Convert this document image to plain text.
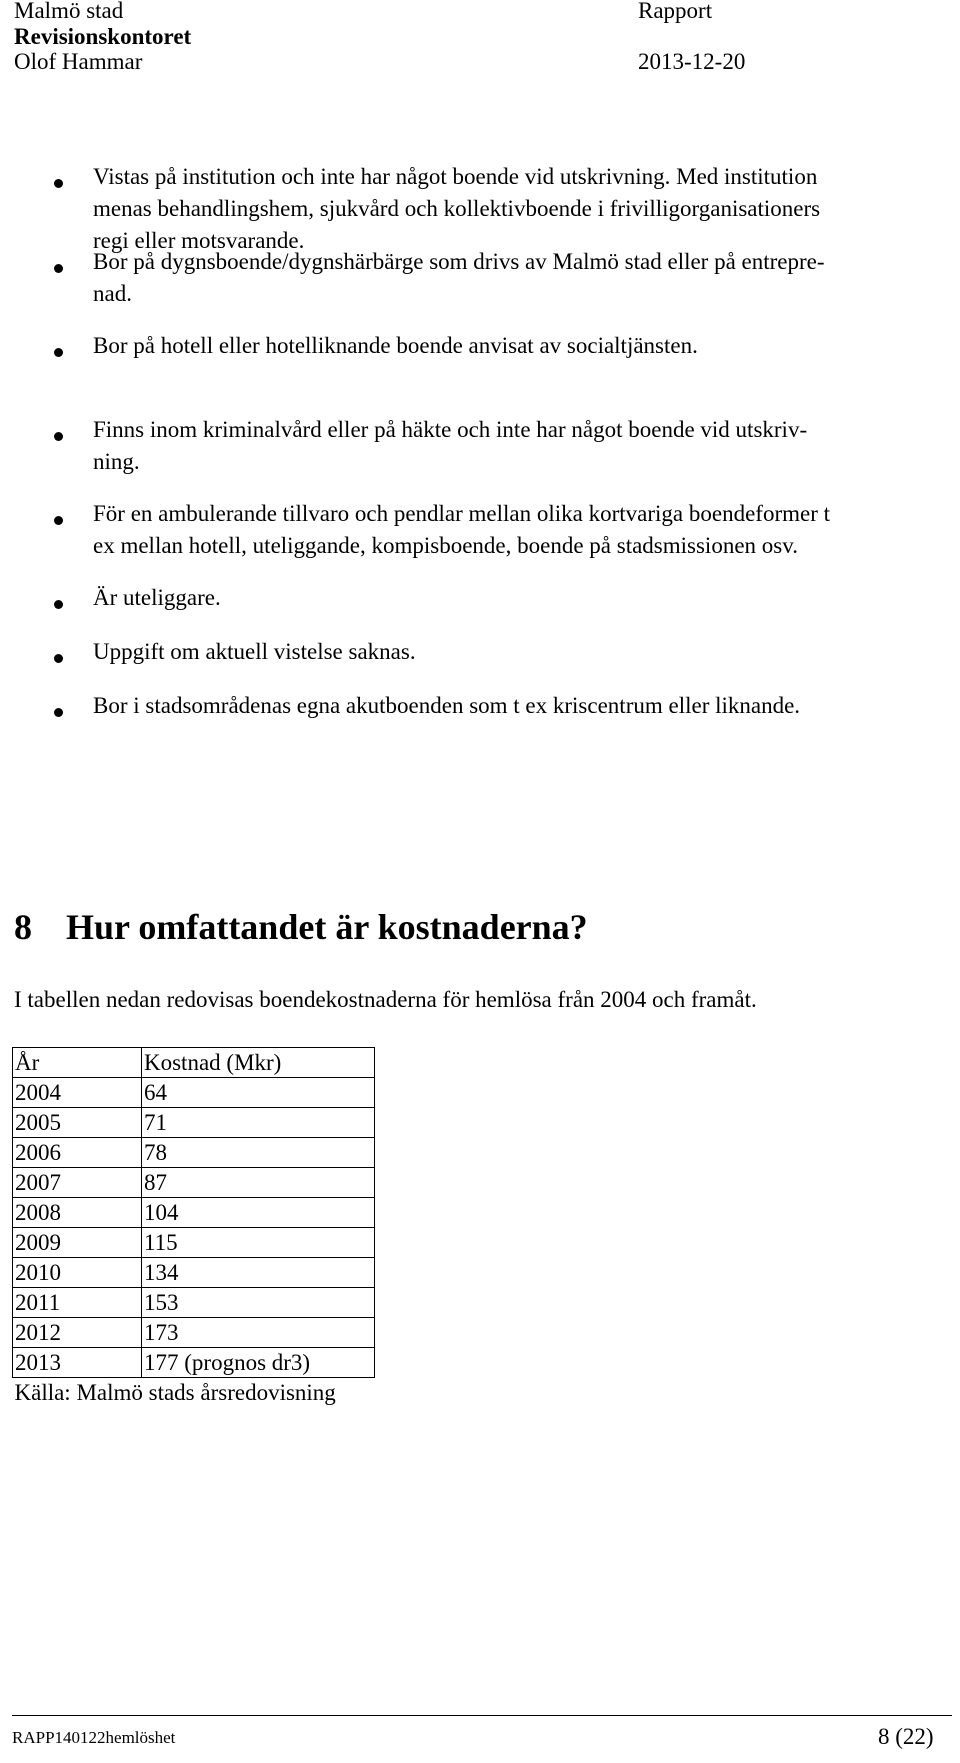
Malmö stad	Rapport
Revisionskontoret
Olof Hammar	2013-12-20
Vistas på institution och inte har något boende vid utskrivning. Med institution
menas behandlingshem, sjukvård och kollektivboende i frivilligorganisationers
regi eller motsvarande.
Bor på dygnsboende/dygnshärbärge som drivs av Malmö stad eller på entrepre-
nad.
Bor på hotell eller hotelliknande boende anvisat av socialtjänsten.
Finns inom kriminalvård eller på häkte och inte har något boende vid utskriv-
ning.
För en ambulerande tillvaro och pendlar mellan olika kortvariga boendeformer t
ex mellan hotell, uteliggande, kompisboende, boende på stadsmissionen osv.
Är uteliggare.
Uppgift om aktuell vistelse saknas.
Bor i stadsområdenas egna akutboenden som t ex kriscentrum eller liknande.
8 Hur omfattandet är kostnaderna?
I tabellen nedan redovisas boendekostnaderna för hemlösa från 2004 och framåt.
År	Kostnad (Mkr)
2004	64
2005	71
2006	78
2007	87
2008	104
2009	115
2010	134
2011	153
2012	173
2013	177 (prognos dr3)
Källa: Malmö stads årsredovisning	
RAPP140122hemlöshet	8 (22)
